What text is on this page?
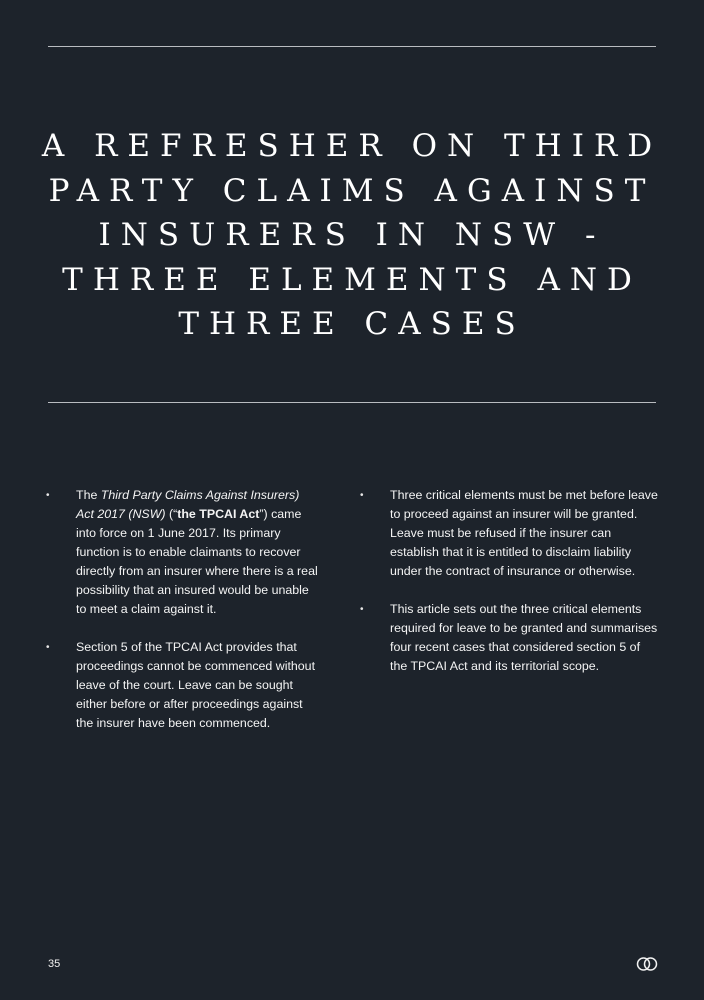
A REFRESHER ON THIRD PARTY CLAIMS AGAINST INSURERS IN NSW - THREE ELEMENTS AND THREE CASES
• The Third Party Claims Against Insurers) Act 2017 (NSW) (“the TPCAI Act”) came into force on 1 June 2017. Its primary function is to enable claimants to recover directly from an insurer where there is a real possibility that an insured would be unable to meet a claim against it.
• Section 5 of the TPCAI Act provides that proceedings cannot be commenced without leave of the court. Leave can be sought either before or after proceedings against the insurer have been commenced.
• Three critical elements must be met before leave to proceed against an insurer will be granted. Leave must be refused if the insurer can establish that it is entitled to disclaim liability under the contract of insurance or otherwise.
• This article sets out the three critical elements required for leave to be granted and summarises four recent cases that considered section 5 of the TPCAI Act and its territorial scope.
35
